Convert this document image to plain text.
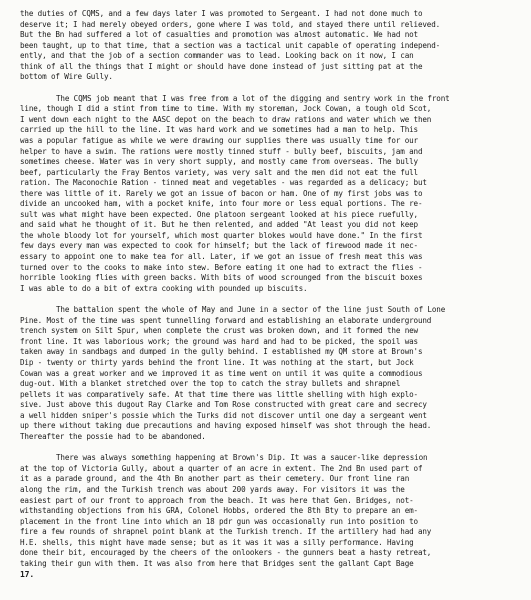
the duties of CQMS, and a few days later I was promoted to Sergeant. I had not done much to
deserve it; I had merely obeyed orders, gone where I was told, and stayed there until relieved.
But the Bn had suffered a lot of casualties and promotion was almost automatic. We had not
been taught, up to that time, that a section was a tactical unit capable of operating independ-
ently, and that the job of a section commander was to lead. Looking back on it now, I can
think of all the things that I might or should have done instead of just sitting pat at the
bottom of Wire Gully.
The CQMS job meant that I was free from a lot of the digging and sentry work in the front
line, though I did a stint from time to time. With my storeman, Jock Cowan, a tough old Scot,
I went down each night to the AASC depot on the beach to draw rations and water which we then
carried up the hill to the line. It was hard work and we sometimes had a man to help. This
was a popular fatigue as while we were drawing our supplies there was usually time for our
helper to have a swim. The rations were mostly tinned stuff - bully beef, biscuits, jam and
sometimes cheese. Water was in very short supply, and mostly came from overseas. The bully
beef, particularly the Fray Bentos variety, was very salt and the men did not eat the full
ration. The Maconochie Ration - tinned meat and vegetables - was regarded as a delicacy; but
there was little of it. Rarely we got an issue of bacon or ham. One of my first jobs was to
divide an uncooked ham, with a pocket knife, into four more or less equal portions. The re-
sult was what might have been expected. One platoon sergeant looked at his piece ruefully,
and said what he thought of it. But he then relented, and added "At least you did not keep
the whole bloody lot for yourself, which most quarter blokes would have done." In the first
few days every man was expected to cook for himself; but the lack of firewood made it nec-
essary to appoint one to make tea for all. Later, if we got an issue of fresh meat this was
turned over to the cooks to make into stew. Before eating it one had to extract the flies -
horrible looking flies with green backs. With bits of wood scrounged from the biscuit boxes
I was able to do a bit of extra cooking with pounded up biscuits.
The battalion spent the whole of May and June in a sector of the line just South of Lone
Pine. Most of the time was spent tunnelling forward and establishing an elaborate underground
trench system on Silt Spur, when complete the crust was broken down, and it formed the new
front line. It was laborious work; the ground was hard and had to be picked, the spoil was
taken away in sandbags and dumped in the gully behind. I established my QM store at Brown's
Dip - twenty or thirty yards behind the front line. It was nothing at the start, but Jock
Cowan was a great worker and we improved it as time went on until it was quite a commodious
dug-out. With a blanket stretched over the top to catch the stray bullets and shrapnel
pellets it was comparatively safe. At that time there was little shelling with high explo-
sive. Just above this dugout Ray Clarke and Tom Rose constructed with great care and secrecy
a well hidden sniper's possie which the Turks did not discover until one day a sergeant went
up there without taking due precautions and having exposed himself was shot through the head.
Thereafter the possie had to be abandoned.
There was always something happening at Brown's Dip. It was a saucer-like depression
at the top of Victoria Gully, about a quarter of an acre in extent. The 2nd Bn used part of
it as a parade ground, and the 4th Bn another part as their cemetery. Our front line ran
along the rim, and the Turkish trench was about 200 yards away. For visitors it was the
easiest part of our front to approach from the beach. It was here that Gen. Bridges, not-
withstanding objections from his GRA, Colonel Hobbs, ordered the 8th Bty to prepare an em-
placement in the front line into which an 18 pdr gun was occasionally run into position to
fire a few rounds of shrapnel point blank at the Turkish trench. If the artillery had had any
H.E. shells, this might have made sense; but as it was it was a silly performance. Having
done their bit, encouraged by the cheers of the onlookers - the gunners beat a hasty retreat,
taking their gun with them. It was also from here that Bridges sent the gallant Capt Bage
17.
